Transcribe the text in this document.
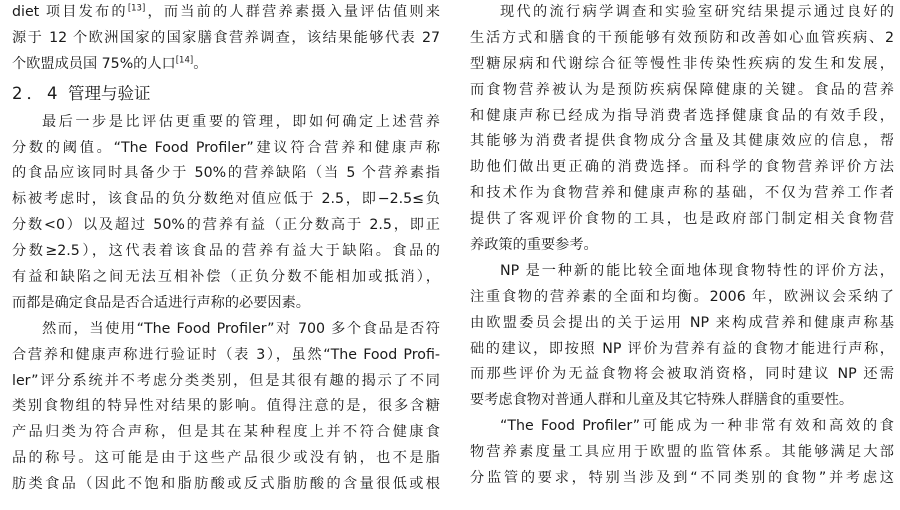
diet 项目发布的[13]，而当前的人群营养素摄入量评估值则来
源于 12 个欧洲国家的国家膳食营养调查，该结果能够代表 27
个欧盟成员国 75%的人口[14]。
2．4 管理与验证
最后一步是比评估更重要的管理，即如何确定上述营养
分数的阈值。“The Food Profiler”建议符合营养和健康声称
的食品应该同时具备少于 50%的营养缺陷（当 5 个营养素指
标被考虑时，该食品的负分数绝对值应低于 2.5，即−2.5≤负
分数<0）以及超过 50%的营养有益（正分数高于 2.5，即正
分数≥2.5），这代表着该食品的营养有益大于缺陷。食品的
有益和缺陷之间无法互相补偿（正负分数不能相加或抵消），
而都是确定食品是否合适进行声称的必要因素。
然而，当使用“The Food Profiler”对 700 多个食品是否符
合营养和健康声称进行验证时（表 3），虽然“The Food Profi-
ler”评分系统并不考虑分类类别，但是其很有趣的揭示了不同
类别食物组的特异性对结果的影响。值得注意的是，很多含糖
产品归类为符合声称，但是其在某种程度上并不符合健康食
品的称号。这可能是由于这些产品很少或没有钠，也不是脂
肪类食品（因此不饱和脂肪酸或反式脂肪酸的含量很低或根
现代的流行病学调查和实验室研究结果提示通过良好的
生活方式和膳食的干预能够有效预防和改善如心血管疾病、2
型糖尿病和代谢综合征等慢性非传染性疾病的发生和发展，
而食物营养被认为是预防疾病保障健康的关键。食品的营养
和健康声称已经成为指导消费者选择健康食品的有效手段，
其能够为消费者提供食物成分含量及其健康效应的信息，帮
助他们做出更正确的消费选择。而科学的食物营养评价方法
和技术作为食物营养和健康声称的基础，不仅为营养工作者
提供了客观评价食物的工具，也是政府部门制定相关食物营
养政策的重要参考。
NP 是一种新的能比较全面地体现食物特性的评价方法，
注重食物的营养素的全面和均衡。2006 年，欧洲议会采纳了
由欧盟委员会提出的关于运用 NP 来构成营养和健康声称基
础的建议，即按照 NP 评价为营养有益的食物才能进行声称，
而那些评价为无益食物将会被取消资格，同时建议 NP 还需
要考虑食物对普通人群和儿童及其它特殊人群膳食的重要性。
“The Food Profiler”可能成为一种非常有效和高效的食
物营养素度量工具应用于欧盟的监管体系。其能够满足大部
分监管的要求，特别当涉及到“不同类别的食物”并考虑这
